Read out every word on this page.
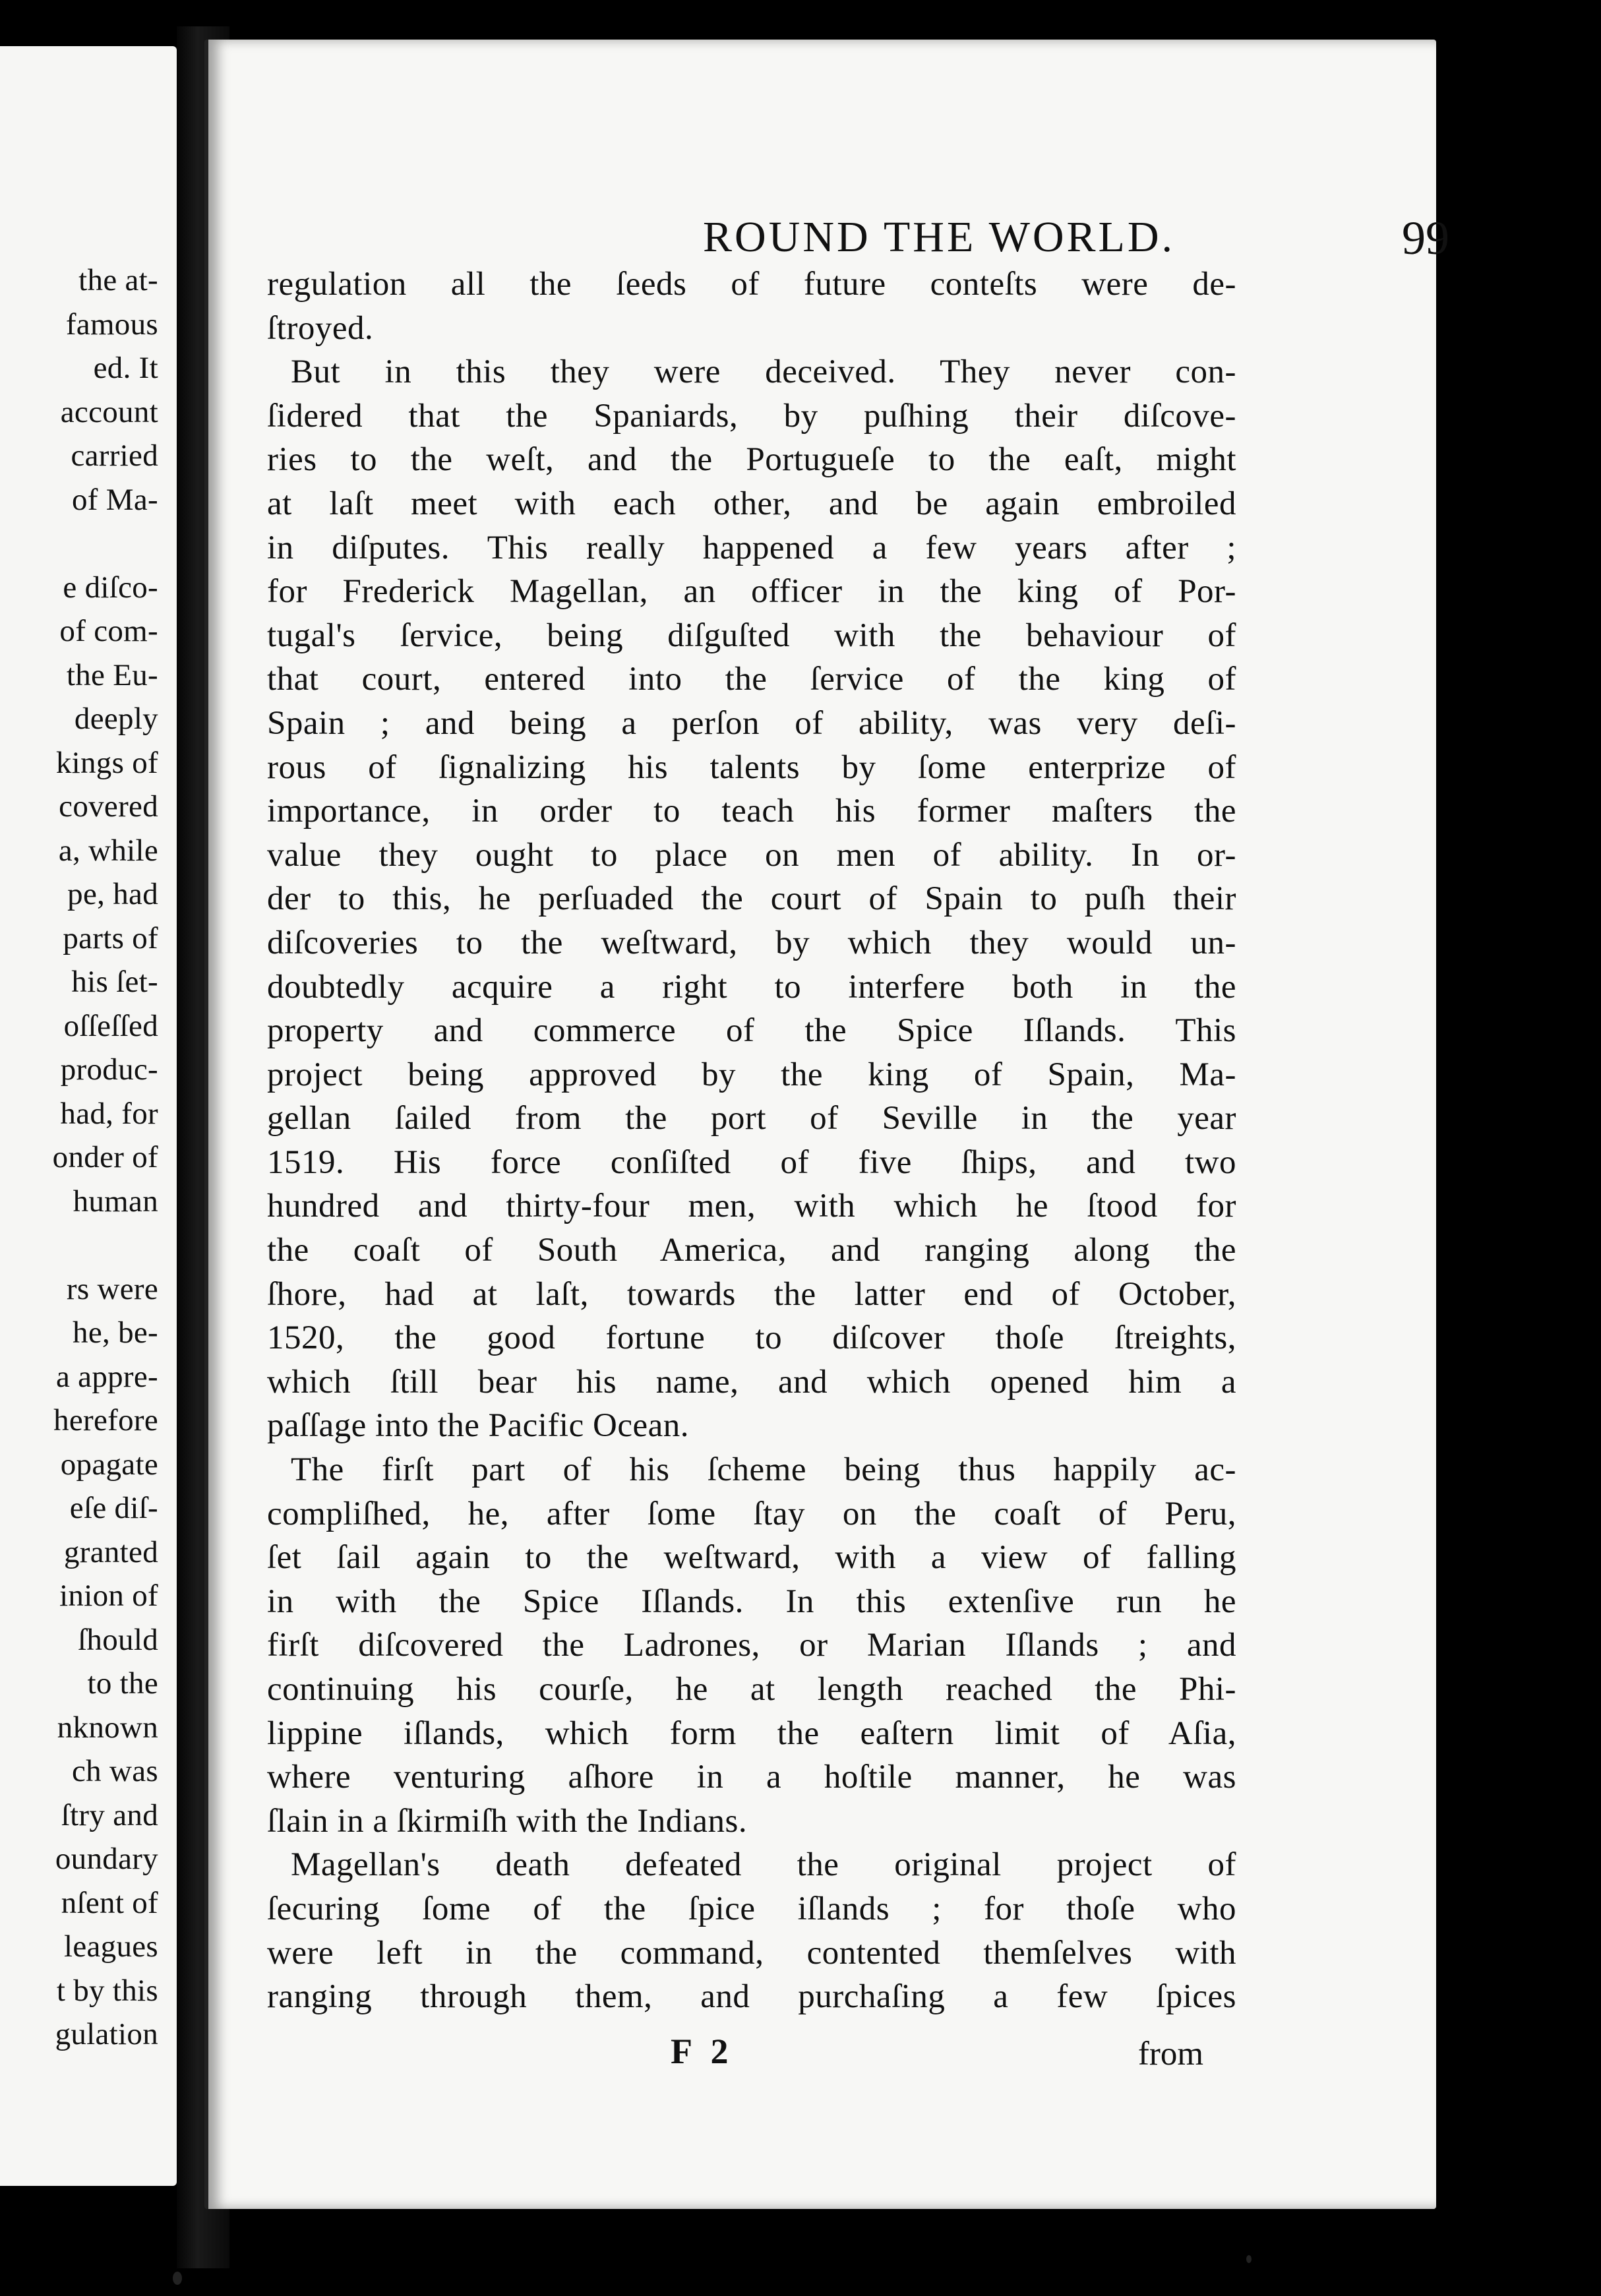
the at-
famous
ed. It
account
carried
of Ma-
e diſco-
of com-
the Eu-
deeply
kings of
covered
a, while
pe, had
parts of
his ſet-
oſſeſſed
produc-
had, for
onder of
human
rs were
he, be-
a appre-
herefore
opagate
eſe diſ-
granted
inion of
ſhould
to the
nknown
ch was
ſtry and
oundary
nſent of
leagues
t by this
gulation
ROUND THE WORLD.	99
regulation all the ſeeds of future conteſts were de-
ſtroyed.
But in this they were deceived. They never con-
ſidered that the Spaniards, by puſhing their diſcove-
ries to the weſt, and the Portugueſe to the eaſt, might
at laſt meet with each other, and be again embroiled
in diſputes. This really happened a few years after ;
for Frederick Magellan, an officer in the king of Por-
tugal's ſervice, being diſguſted with the behaviour of
that court, entered into the ſervice of the king of
Spain ; and being a perſon of ability, was very deſi-
rous of ſignalizing his talents by ſome enterprize of
importance, in order to teach his former maſters the
value they ought to place on men of ability. In or-
der to this, he perſuaded the court of Spain to puſh their
diſcoveries to the weſtward, by which they would un-
doubtedly acquire a right to interfere both in the
property and commerce of the Spice Iſlands. This
project being approved by the king of Spain, Ma-
gellan ſailed from the port of Seville in the year
1519. His force conſiſted of five ſhips, and two
hundred and thirty-four men, with which he ſtood for
the coaſt of South America, and ranging along the
ſhore, had at laſt, towards the latter end of October,
1520, the good fortune to diſcover thoſe ſtreights,
which ſtill bear his name, and which opened him a
paſſage into the Pacific Ocean.
The firſt part of his ſcheme being thus happily ac-
compliſhed, he, after ſome ſtay on the coaſt of Peru,
ſet ſail again to the weſtward, with a view of falling
in with the Spice Iſlands. In this extenſive run he
firſt diſcovered the Ladrones, or Marian Iſlands ; and
continuing his courſe, he at length reached the Phi-
lippine iſlands, which form the eaſtern limit of Aſia,
where venturing aſhore in a hoſtile manner, he was
ſlain in a ſkirmiſh with the Indians.
Magellan's death defeated the original project of
ſecuring ſome of the ſpice iſlands ; for thoſe who
were left in the command, contented themſelves with
ranging through them, and purchaſing a few ſpices
F 2	from
